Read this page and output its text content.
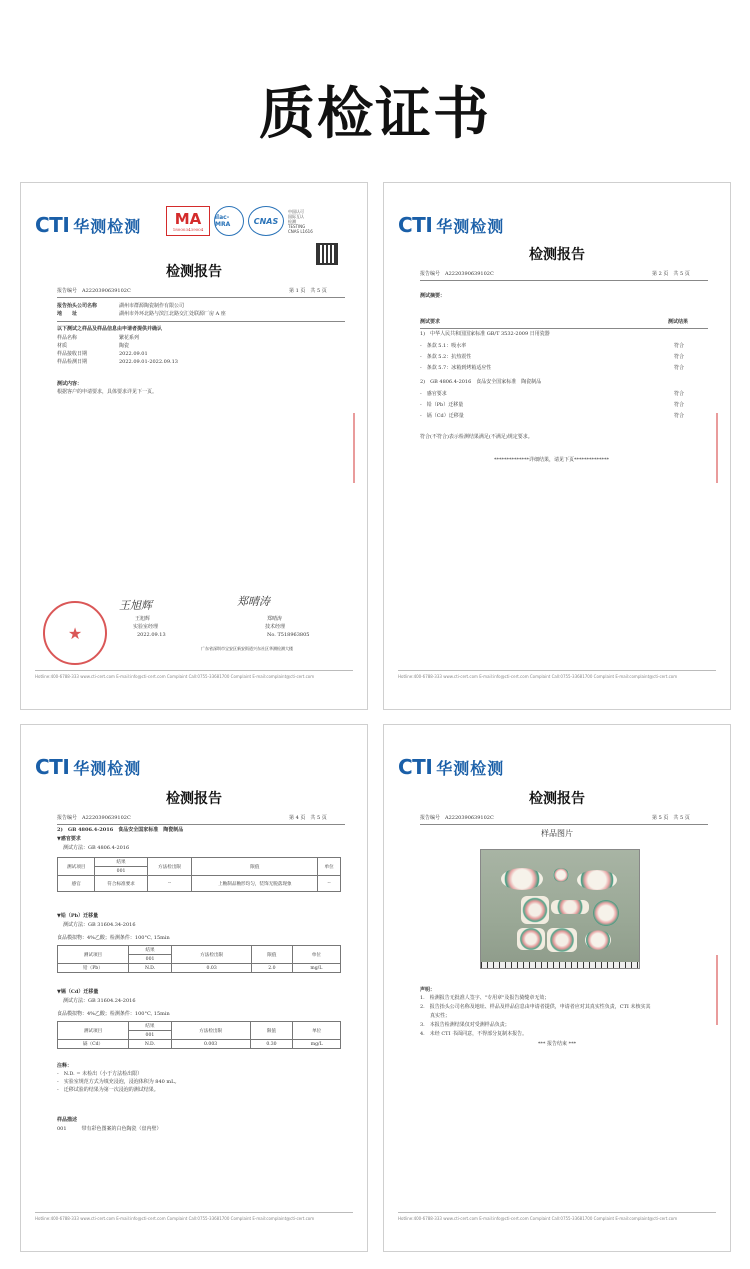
质检证书
CTI 华测检测 MA
180003439004
ilac-MRA	CNAS
中国认可
国际互认
检测
TESTING
CNAS L1616
检测报告
报告编号　A2220390639102C	第 1 页　共 5 页
报告抬头公司名称	湖州市群源陶瓷制作有限公司
地　　址	湖州市外环北路与滨江北路交汇处联源厂房 A 座
以下测试之样品及样品信息由申请者提供并确认
样品名称	繁花系列
材质	陶瓷
样品接收日期	2022.09.01
样品检测日期	2022.09.01-2022.09.13
测试内容：
根据客户的申请要求，具体要求详见下一页。
王旭辉	郑晴涛
王旭辉
实验室经理
2022.09.13
郑晴涛
技术经理
No. T518963805
★
广东省深圳市宝安区新安街道兴东社区华测检测大楼
Hotline:400-6788-333 www.cti-cert.com E-mail:info@cti-cert.com Complaint Call:0755-33681700 Complaint E-mail:complaint@cti-cert.com
CTI 华测检测
检测报告
报告编号　A2220390639102C	第 2 页　共 5 页
测试摘要：
测试要求	测试结果
1)　中华人民共和国国家标准 GB/T 3532-2009 日用瓷器
-　条款 5.1：吸水率	符合
-　条款 5.2：抗热震性	符合
-　条款 5.7：冰箱到烤箱适应性	符合
2)　GB 4806.4-2016　食品安全国家标准　陶瓷制品
-　感官要求	符合
-　铅（Pb）迁移量	符合
-　镉（Cd）迁移量	符合
符合(不符合)表示检测结果满足(不满足)规定要求。
**************详细结果，请见下页**************
Hotline:400-6788-333 www.cti-cert.com E-mail:info@cti-cert.com Complaint Call:0755-33681700 Complaint E-mail:complaint@cti-cert.com
CTI 华测检测
检测报告
报告编号　A2220390639102C	第 4 页　共 5 页
2)　GB 4806.4-2016　食品安全国家标准　陶瓷制品
▼感官要求
测试方法：GB 4806.4-2016
测试项目	结果	方法检出限	限值	单位
	001			
感官	符合标准要求	--	上釉制品釉形均匀，装饰无脱落现象	--
▼铅（Pb）迁移量
测试方法：GB 31604.34-2016
食品模拟物：4%乙酸；检测条件：100°C, 15min
测试项目	结果	方法检出限	限值	单位
	001			
铅（Pb）	N.D.	0.03	2.0	mg/L
▼镉（Cd）迁移量
测试方法：GB 31604.24-2016
食品模拟物：4%乙酸；检测条件：100°C, 15min
测试项目	结果	方法检出限	限值	单位
	001			
镉（Cd）	N.D.	0.003	0.30	mg/L
注释：
-　N.D. = 未检出（小于方法检出限）
-　实验室规范方式为填充浸泡，浸泡体积为 840 mL。
-　迁移试验的结果为第一次浸泡的测试结果。
样品描述
001　　　带有彩色图案的白色陶瓷（盘内壁）
Hotline:400-6788-333 www.cti-cert.com E-mail:info@cti-cert.com Complaint Call:0755-33681700 Complaint E-mail:complaint@cti-cert.com
CTI 华测检测
检测报告
报告编号　A2220390639102C	第 5 页　共 5 页
样品图片
声明：
1.　检测报告无批准人签字、"专用章"及报告骑缝章无效；
2.　报告抬头公司名称及地址、样品及样品信息由申请者提供，申请者应对其真实性负责，CTI 未核实其
　　真实性；
3.　本报告检测结果仅对受测样品负责；
4.　未经 CTI 书面同意，不得部分复制本报告。
*** 报告结束 ***
Hotline:400-6788-333 www.cti-cert.com E-mail:info@cti-cert.com Complaint Call:0755-33681700 Complaint E-mail:complaint@cti-cert.com
